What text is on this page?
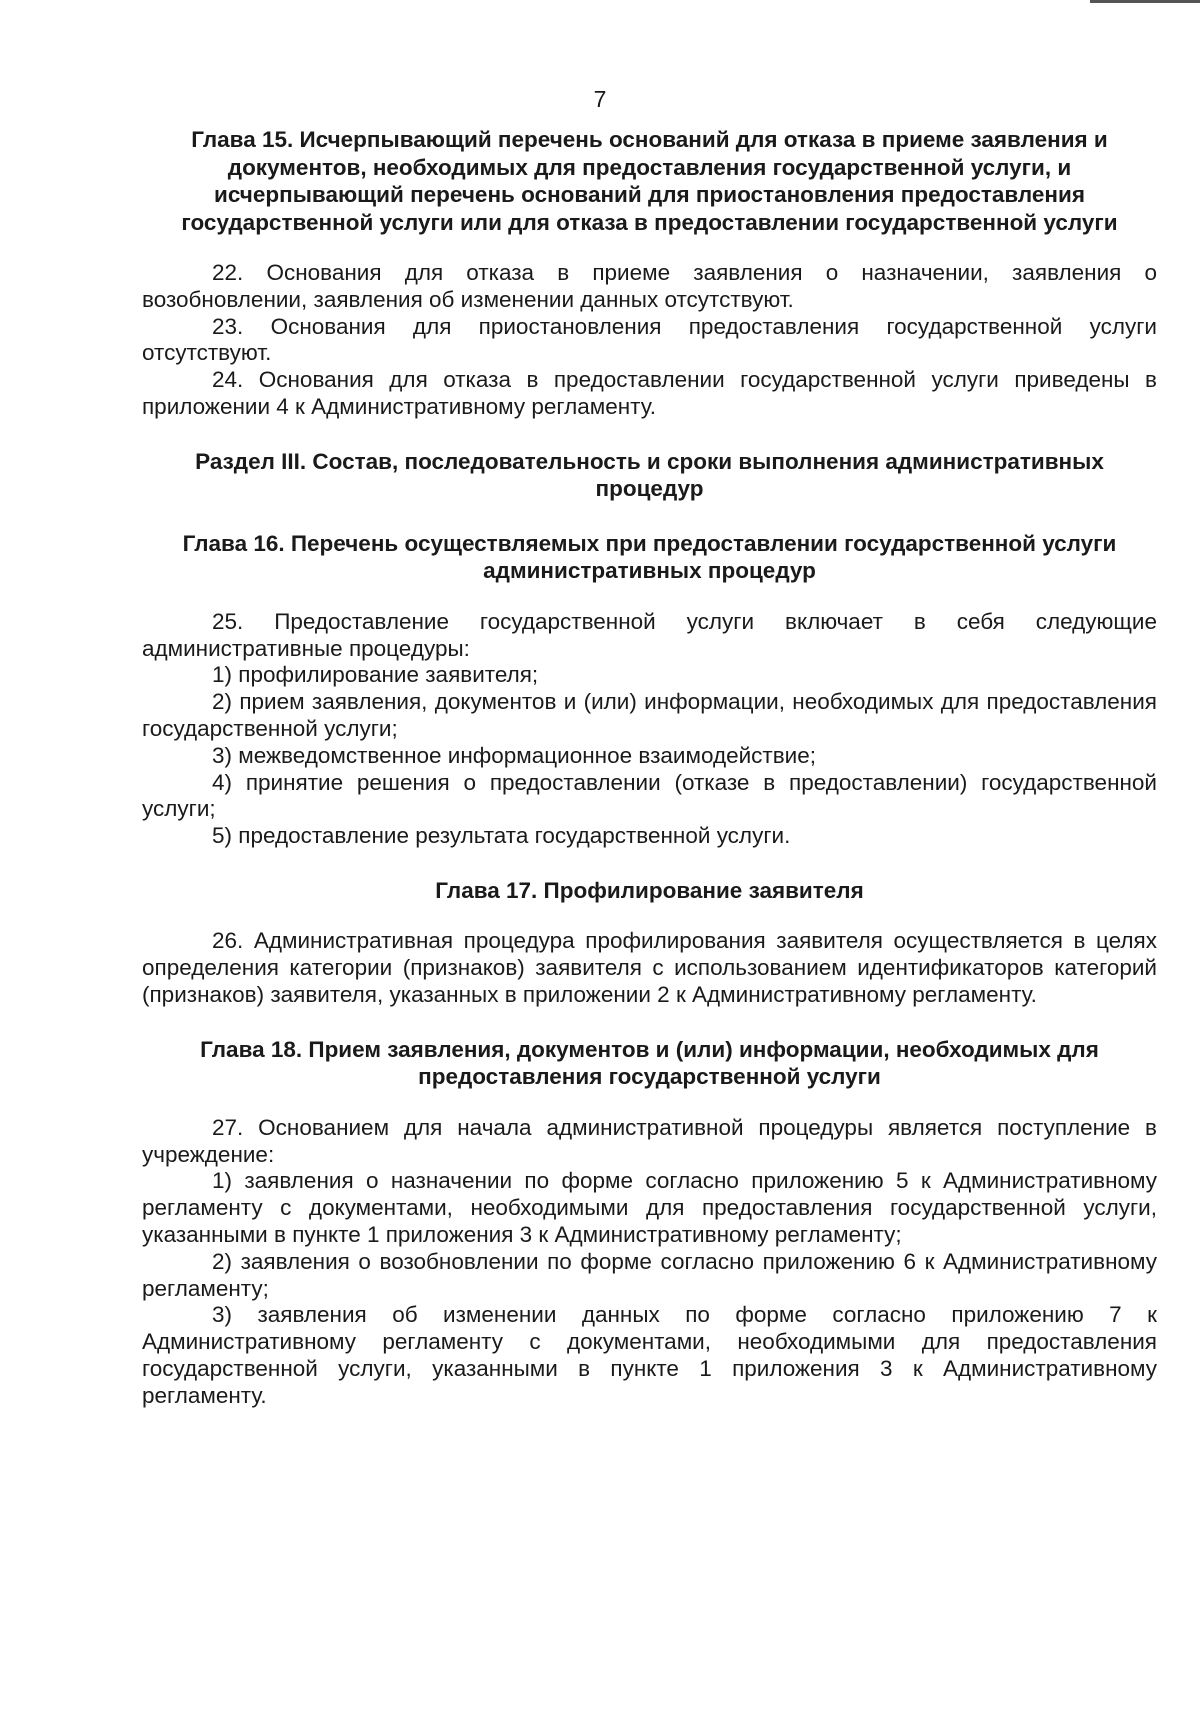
7
Глава 15. Исчерпывающий перечень оснований для отказа в приеме заявления и документов, необходимых для предоставления государственной услуги, и исчерпывающий перечень оснований для приостановления предоставления государственной услуги или для отказа в предоставлении государственной услуги

22. Основания для отказа в приеме заявления о назначении, заявления о возобновлении, заявления об изменении данных отсутствуют.

23. Основания для приостановления предоставления государственной услуги отсутствуют.

24. Основания для отказа в предоставлении государственной услуги приведены в приложении 4 к Административному регламенту.

Раздел III. Состав, последовательность и сроки выполнения административных процедур
Глава 16. Перечень осуществляемых при предоставлении государственной услуги административных процедур

25. Предоставление государственной услуги включает в себя следующие административные процедуры:

1) профилирование заявителя;

2) прием заявления, документов и (или) информации, необходимых для предоставления государственной услуги;

3) межведомственное информационное взаимодействие;

4) принятие решения о предоставлении (отказе в предоставлении) государственной услуги;

5) предоставление результата государственной услуги.

Глава 17. Профилирование заявителя

26. Административная процедура профилирования заявителя осуществляется в целях определения категории (признаков) заявителя с использованием идентификаторов категорий (признаков) заявителя, указанных в приложении 2 к Административному регламенту.

Глава 18. Прием заявления, документов и (или) информации, необходимых для предоставления государственной услуги

27. Основанием для начала административной процедуры является поступление в учреждение:

1) заявления о назначении по форме согласно приложению 5 к Административному регламенту с документами, необходимыми для предоставления государственной услуги, указанными в пункте 1 приложения 3 к Административному регламенту;

2) заявления о возобновлении по форме согласно приложению 6 к Административному регламенту;

3) заявления об изменении данных по форме согласно приложению 7 к Административному регламенту с документами, необходимыми для предоставления государственной услуги, указанными в пункте 1 приложения 3 к Административному регламенту.
